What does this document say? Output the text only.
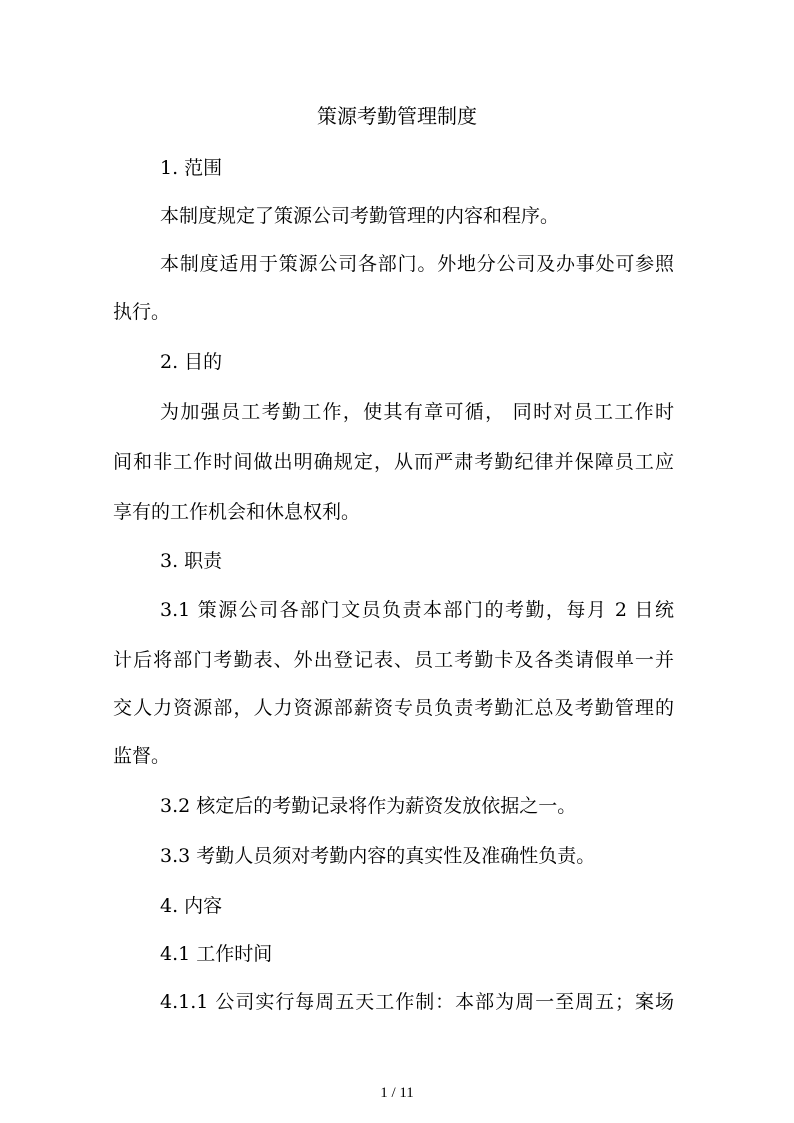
策源考勤管理制度

1. 范围

本制度规定了策源公司考勤管理的内容和程序。

本制度适用于策源公司各部门。外地分公司及办事处可参照

执行。

2. 目的

为加强员工考勤工作，使其有章可循， 同时对员工工作时

间和非工作时间做出明确规定，从而严肃考勤纪律并保障员工应

享有的工作机会和休息权利。

3. 职责

3.1 策源公司各部门文员负责本部门的考勤，每月 2 日统

计后将部门考勤表、外出登记表、员工考勤卡及各类请假单一并

交人力资源部，人力资源部薪资专员负责考勤汇总及考勤管理的

监督。

3.2 核定后的考勤记录将作为薪资发放依据之一。

3.3 考勤人员须对考勤内容的真实性及准确性负责。

4. 内容

4.1 工作时间

4.1.1 公司实行每周五天工作制：本部为周一至周五；案场

1 / 11
